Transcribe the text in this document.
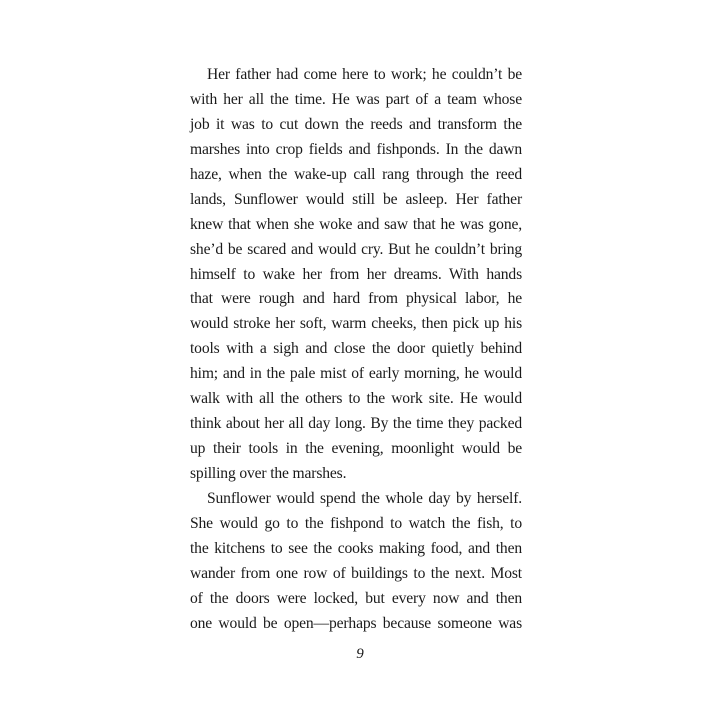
Her father had come here to work; he couldn’t be
with her all the time. He was part of a team whose
job it was to cut down the reeds and transform the
marshes into crop fields and fishponds. In the dawn
haze, when the wake-up call rang through the reed
lands, Sunflower would still be asleep. Her father
knew that when she woke and saw that he was gone,
she’d be scared and would cry. But he couldn’t bring
himself to wake her from her dreams. With hands
that were rough and hard from physical labor, he
would stroke her soft, warm cheeks, then pick up his
tools with a sigh and close the door quietly behind
him; and in the pale mist of early morning, he would
walk with all the others to the work site. He would
think about her all day long. By the time they packed
up their tools in the evening, moonlight would be
spilling over the marshes.
Sunflower would spend the whole day by herself.
She would go to the fishpond to watch the fish, to
the kitchens to see the cooks making food, and then
wander from one row of buildings to the next. Most
of the doors were locked, but every now and then
one would be open—perhaps because someone was
9
